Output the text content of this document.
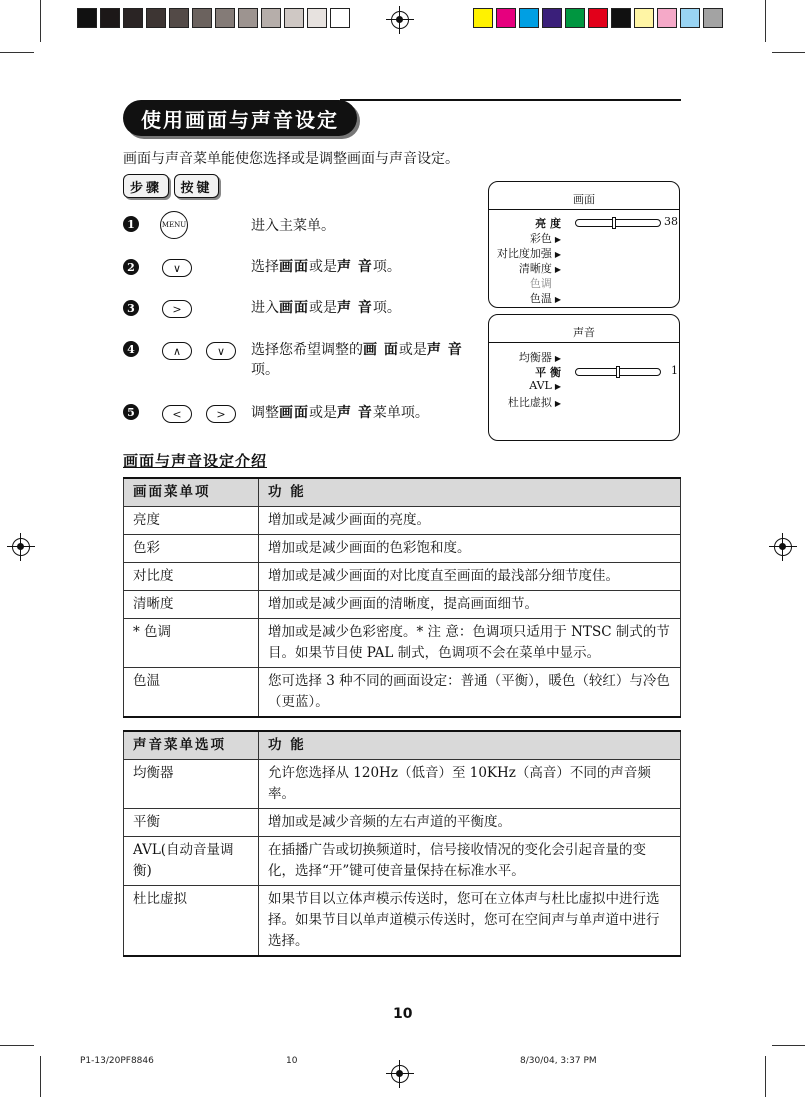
使用画面与声音设定
画面与声音菜单能使您选择或是调整画面与声音设定。
步骤	按键
1	MENU	进入主菜单。
2	∨	选择画面或是声 音项。
3	>	进入画面或是声 音项。
4	∧	∨	选择您希望调整的画 面或是声 音项。
5	<	>	调整画面或是声 音菜单项。
画面
亮 度	38
彩色 ▶
对比度加强 ▶
清晰度 ▶
色调
色温 ▶
声音
均衡器 ▶
平 衡	1
AVL ▶
杜比虚拟 ▶
画面与声音设定介绍
画面菜单项	功 能
亮度	增加或是减少画面的亮度。
色彩	增加或是减少画面的色彩饱和度。
对比度	增加或是减少画面的对比度直至画面的最浅部分细节度佳。
清晰度	增加或是减少画面的清晰度，提高画面细节。
* 色调	增加或是减少色彩密度。* 注 意：色调项只适用于 NTSC 制式的节目。如果节目使 PAL 制式，色调项不会在菜单中显示。
色温	您可选择 3 种不同的画面设定：普通（平衡），暖色（较红）与冷色（更蓝）。
声音菜单选项	功 能
均衡器	允许您选择从 120Hz（低音）至 10KHz（高音）不同的声音频率。
平衡	增加或是减少音频的左右声道的平衡度。
AVL(自动音量调衡)	在插播广告或切换频道时，信号接收情况的变化会引起音量的变化，选择“开”键可使音量保持在标准水平。
杜比虚拟	如果节目以立体声模示传送时，您可在立体声与杜比虚拟中进行选择。如果节目以单声道模示传送时，您可在空间声与单声道中进行选择。
10
P1-13/20PF8846	10	8/30/04, 3:37 PM
